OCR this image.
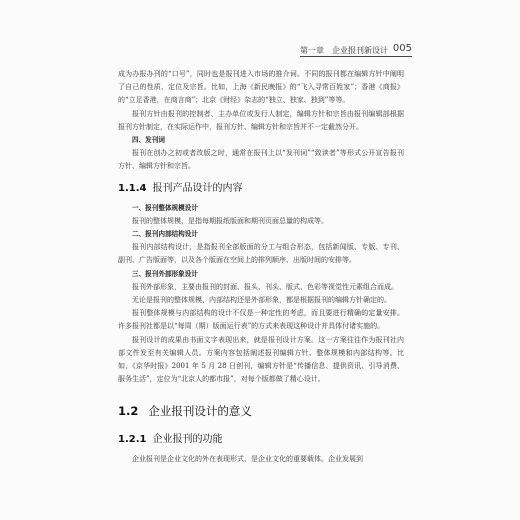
第一章　企业报刊新设计 005

成为办报办刊的“口号”，同时也是报刊进入市场的推介词。不同的报刊都在编辑方针中阐明了自己的性质、定位及宗旨。比如，上海《新民晚报》的“飞入寻常百姓家”；香港《商报》的“立足香港，在商言商”；北京《财经》杂志的“独立、独家、独到”等等。

报刊方针由报刊的控制者、主办单位或发行人制定，编辑方针和宗旨由报刊编辑部根据报刊方针制定，在实际运作中，报刊方针、编辑方针和宗旨并不一定截然分开。

四、发刊词

报刊在创办之初或者改版之时，通常在报刊上以“发刊词”“致读者”等形式公开宣告报刊方针、编辑方针和宗旨。

1.1.4 报刊产品设计的内容

一、报刊整体规模设计

报刊的整体规模，是指每期报纸版面和期刊页面总量的构成等。

二、报刊内部结构设计

报刊内部结构设计，是指报刊全部版面的分工与组合形态，包括新闻版、专版、专刊、副刊、广告版面等，以及各个版面在空间上的排列顺序、出版时间的安排等。

三、报刊外部形象设计

报刊外部形象，主要由报刊的封面、报头、刊头、版式、色彩等视觉性元素组合而成。

无论是报刊的整体规模、内部结构还是外部形象，都是根据报刊的编辑方针确定的。

报刊整体规模与内部结构的设计不仅是一种定性的考虑，而且要进行精确的定量安排。许多报刊社都是以“每周（期）版面运行表”的方式来表现这种设计并具体付诸实施的。

报刊设计的成果由书面文字表现出来，就是报刊设计方案。这一方案往往作为报刊社内部文件发至有关编辑人员。方案内容包括阐述报刊编辑方针、整体规模和内部结构等。比如，《京华时报》2001 年 5 月 28 日创刊，编辑方针是“传播信息、提供资讯、引导消费、服务生活”，定位为“北京人的都市报”，对每个版都做了精心设计。

1.2 企业报刊设计的意义
1.2.1 企业报刊的功能

企业报刊是企业文化的外在表现形式，是企业文化的重要载体。企业发展到
